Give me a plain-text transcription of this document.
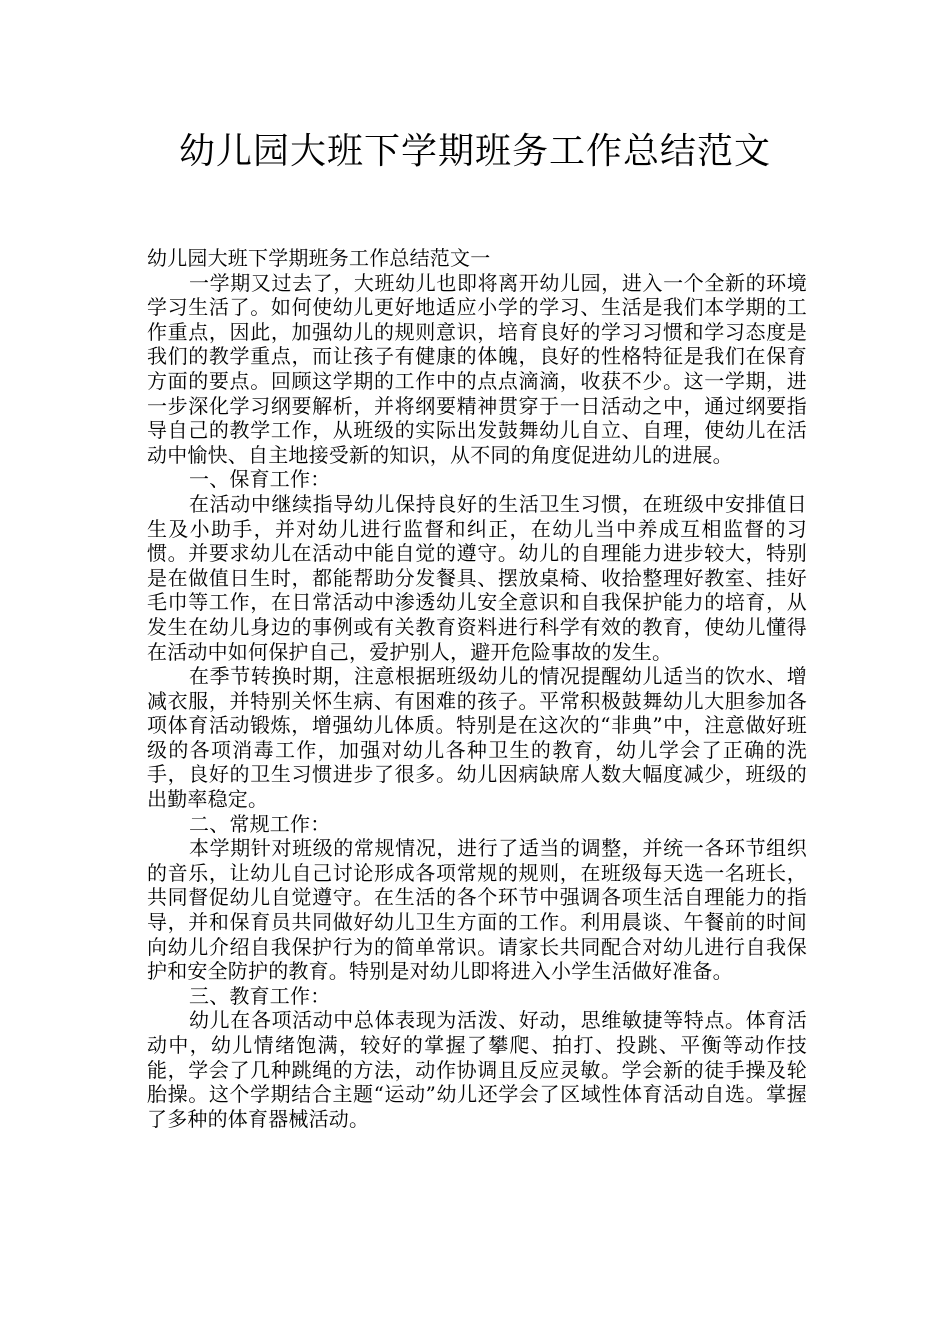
幼儿园大班下学期班务工作总结范文

幼儿园大班下学期班务工作总结范文一

一学期又过去了，大班幼儿也即将离开幼儿园，进入一个全新的环境学习生活了。如何使幼儿更好地适应小学的学习、生活是我们本学期的工作重点，因此，加强幼儿的规则意识，培育良好的学习习惯和学习态度是我们的教学重点，而让孩子有健康的体魄，良好的性格特征是我们在保育方面的要点。回顾这学期的工作中的点点滴滴，收获不少。这一学期，进一步深化学习纲要解析，并将纲要精神贯穿于一日活动之中，通过纲要指导自己的教学工作，从班级的实际出发鼓舞幼儿自立、自理，使幼儿在活动中愉快、自主地接受新的知识，从不同的角度促进幼儿的进展。

一、保育工作：

在活动中继续指导幼儿保持良好的生活卫生习惯，在班级中安排值日生及小助手，并对幼儿进行监督和纠正，在幼儿当中养成互相监督的习惯。并要求幼儿在活动中能自觉的遵守。幼儿的自理能力进步较大，特别是在做值日生时，都能帮助分发餐具、摆放桌椅、收拾整理好教室、挂好毛巾等工作，在日常活动中渗透幼儿安全意识和自我保护能力的培育，从发生在幼儿身边的事例或有关教育资料进行科学有效的教育，使幼儿懂得在活动中如何保护自己，爱护别人，避开危险事故的发生。

在季节转换时期，注意根据班级幼儿的情况提醒幼儿适当的饮水、增减衣服，并特别关怀生病、有困难的孩子。平常积极鼓舞幼儿大胆参加各项体育活动锻炼，增强幼儿体质。特别是在这次的“非典”中，注意做好班级的各项消毒工作，加强对幼儿各种卫生的教育，幼儿学会了正确的洗手，良好的卫生习惯进步了很多。幼儿因病缺席人数大幅度减少，班级的出勤率稳定。

二、常规工作：

本学期针对班级的常规情况，进行了适当的调整，并统一各环节组织的音乐，让幼儿自己讨论形成各项常规的规则，在班级每天选一名班长，共同督促幼儿自觉遵守。在生活的各个环节中强调各项生活自理能力的指导，并和保育员共同做好幼儿卫生方面的工作。利用晨谈、午餐前的时间向幼儿介绍自我保护行为的简单常识。请家长共同配合对幼儿进行自我保护和安全防护的教育。特别是对幼儿即将进入小学生活做好准备。

三、教育工作：

幼儿在各项活动中总体表现为活泼、好动，思维敏捷等特点。体育活动中，幼儿情绪饱满，较好的掌握了攀爬、拍打、投跳、平衡等动作技能，学会了几种跳绳的方法，动作协调且反应灵敏。学会新的徒手操及轮胎操。这个学期结合主题“运动”幼儿还学会了区域性体育活动自选。掌握了多种的体育器械活动。
